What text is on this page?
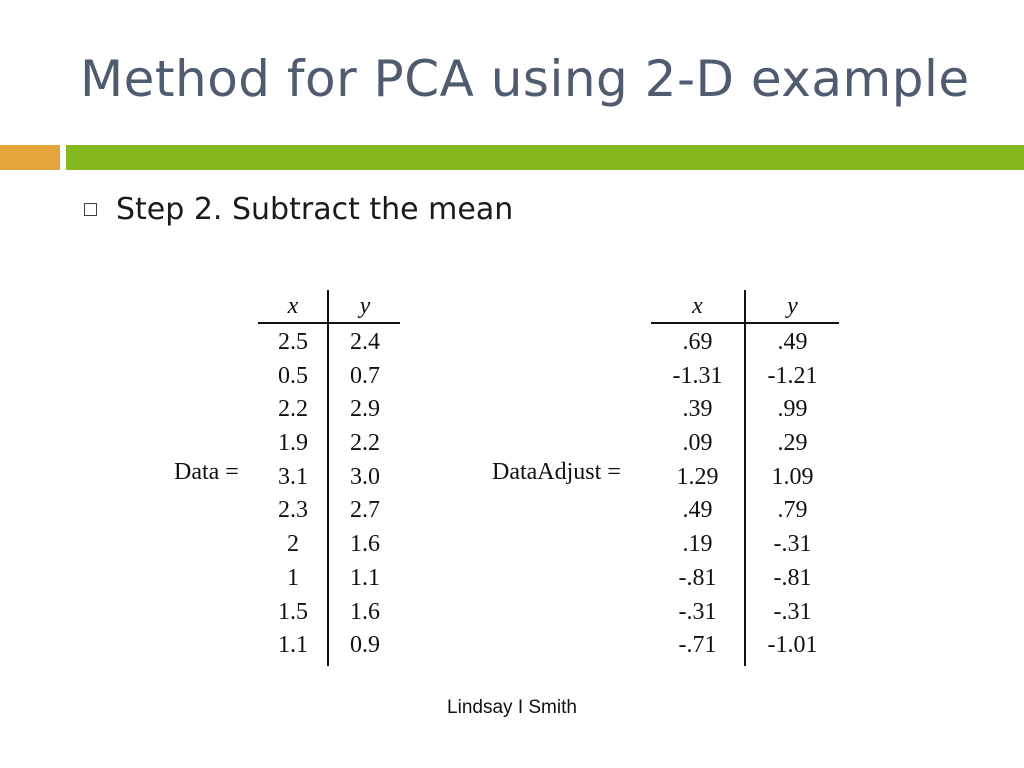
Method for PCA using 2-D example
Step 2. Subtract the mean
Data =
x
2.5
0.5
2.2
1.9
3.1
2.3
2
1
1.5
1.1
y
2.4
0.7
2.9
2.2
3.0
2.7
1.6
1.1
1.6
0.9
DataAdjust =
x
.69
-1.31
.39
.09
1.29
.49
.19
-.81
-.31
-.71
y
.49
-1.21
.99
.29
1.09
.79
-.31
-.81
-.31
-1.01
Lindsay I Smith
